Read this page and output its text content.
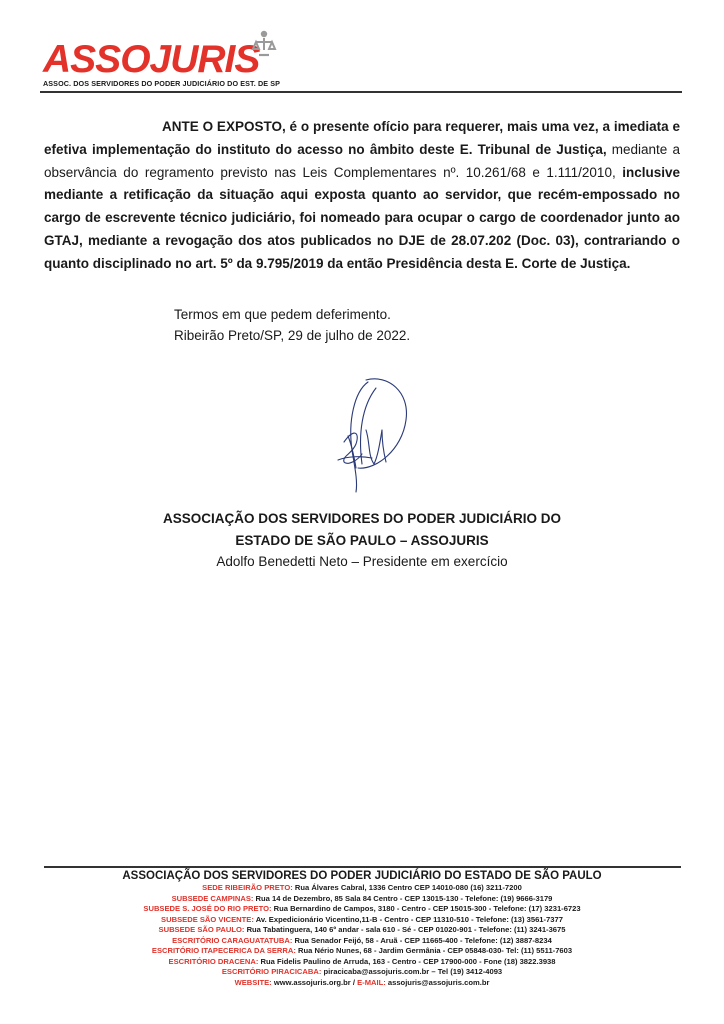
ASSOJURIS
ASSOC. DOS SERVIDORES DO PODER JUDICIÁRIO DO EST. DE SP
ANTE O EXPOSTO, é o presente ofício para requerer, mais uma vez, a imediata e efetiva implementação do instituto do acesso no âmbito deste E. Tribunal de Justiça, mediante a observância do regramento previsto nas Leis Complementares nº. 10.261/68 e 1.111/2010, inclusive mediante a retificação da situação aqui exposta quanto ao servidor, que recém-empossado no cargo de escrevente técnico judiciário, foi nomeado para ocupar o cargo de coordenador junto ao GTAJ, mediante a revogação dos atos publicados no DJE de 28.07.202 (Doc. 03), contrariando o quanto disciplinado no art. 5º da 9.795/2019 da então Presidência desta E. Corte de Justiça.
Termos em que pedem deferimento.
Ribeirão Preto/SP, 29 de julho de 2022.
ASSOCIAÇÃO DOS SERVIDORES DO PODER JUDICIÁRIO DO
ESTADO DE SÃO PAULO – ASSOJURIS
Adolfo Benedetti Neto – Presidente em exercício
ASSOCIAÇÃO DOS SERVIDORES DO PODER JUDICIÁRIO DO ESTADO DE SÃO PAULO
SEDE RIBEIRÃO PRETO: Rua Álvares Cabral, 1336 Centro CEP 14010-080 (16) 3211-7200
SUBSEDE CAMPINAS: Rua 14 de Dezembro, 85 Sala 84 Centro - CEP 13015-130 - Telefone: (19) 9666-3179
SUBSEDE S. JOSÉ DO RIO PRETO: Rua Bernardino de Campos, 3180 - Centro - CEP 15015-300 - Telefone: (17) 3231-6723
SUBSEDE SÃO VICENTE: Av. Expedicionário Vicentino,11-B - Centro - CEP 11310-510 - Telefone: (13) 3561-7377
SUBSEDE SÃO PAULO: Rua Tabatinguera, 140 6º andar - sala 610 - Sé - CEP 01020-901 - Telefone: (11) 3241-3675
ESCRITÓRIO CARAGUATATUBA: Rua Senador Feijó, 58 - Aruã - CEP 11665-400 - Telefone: (12) 3887-8234
ESCRITÓRIO ITAPECERICA DA SERRA: Rua Nério Nunes, 68 - Jardim Germânia - CEP 05848-030- Tel: (11) 5511-7603
ESCRITÓRIO DRACENA: Rua Fidelis Paulino de Arruda, 163 - Centro - CEP 17900-000 - Fone (18) 3822.3938
ESCRITÓRIO PIRACICABA: piracicaba@assojuris.com.br – Tel (19) 3412-4093
WEBSITE: www.assojuris.org.br / E-MAIL: assojuris@assojuris.com.br
